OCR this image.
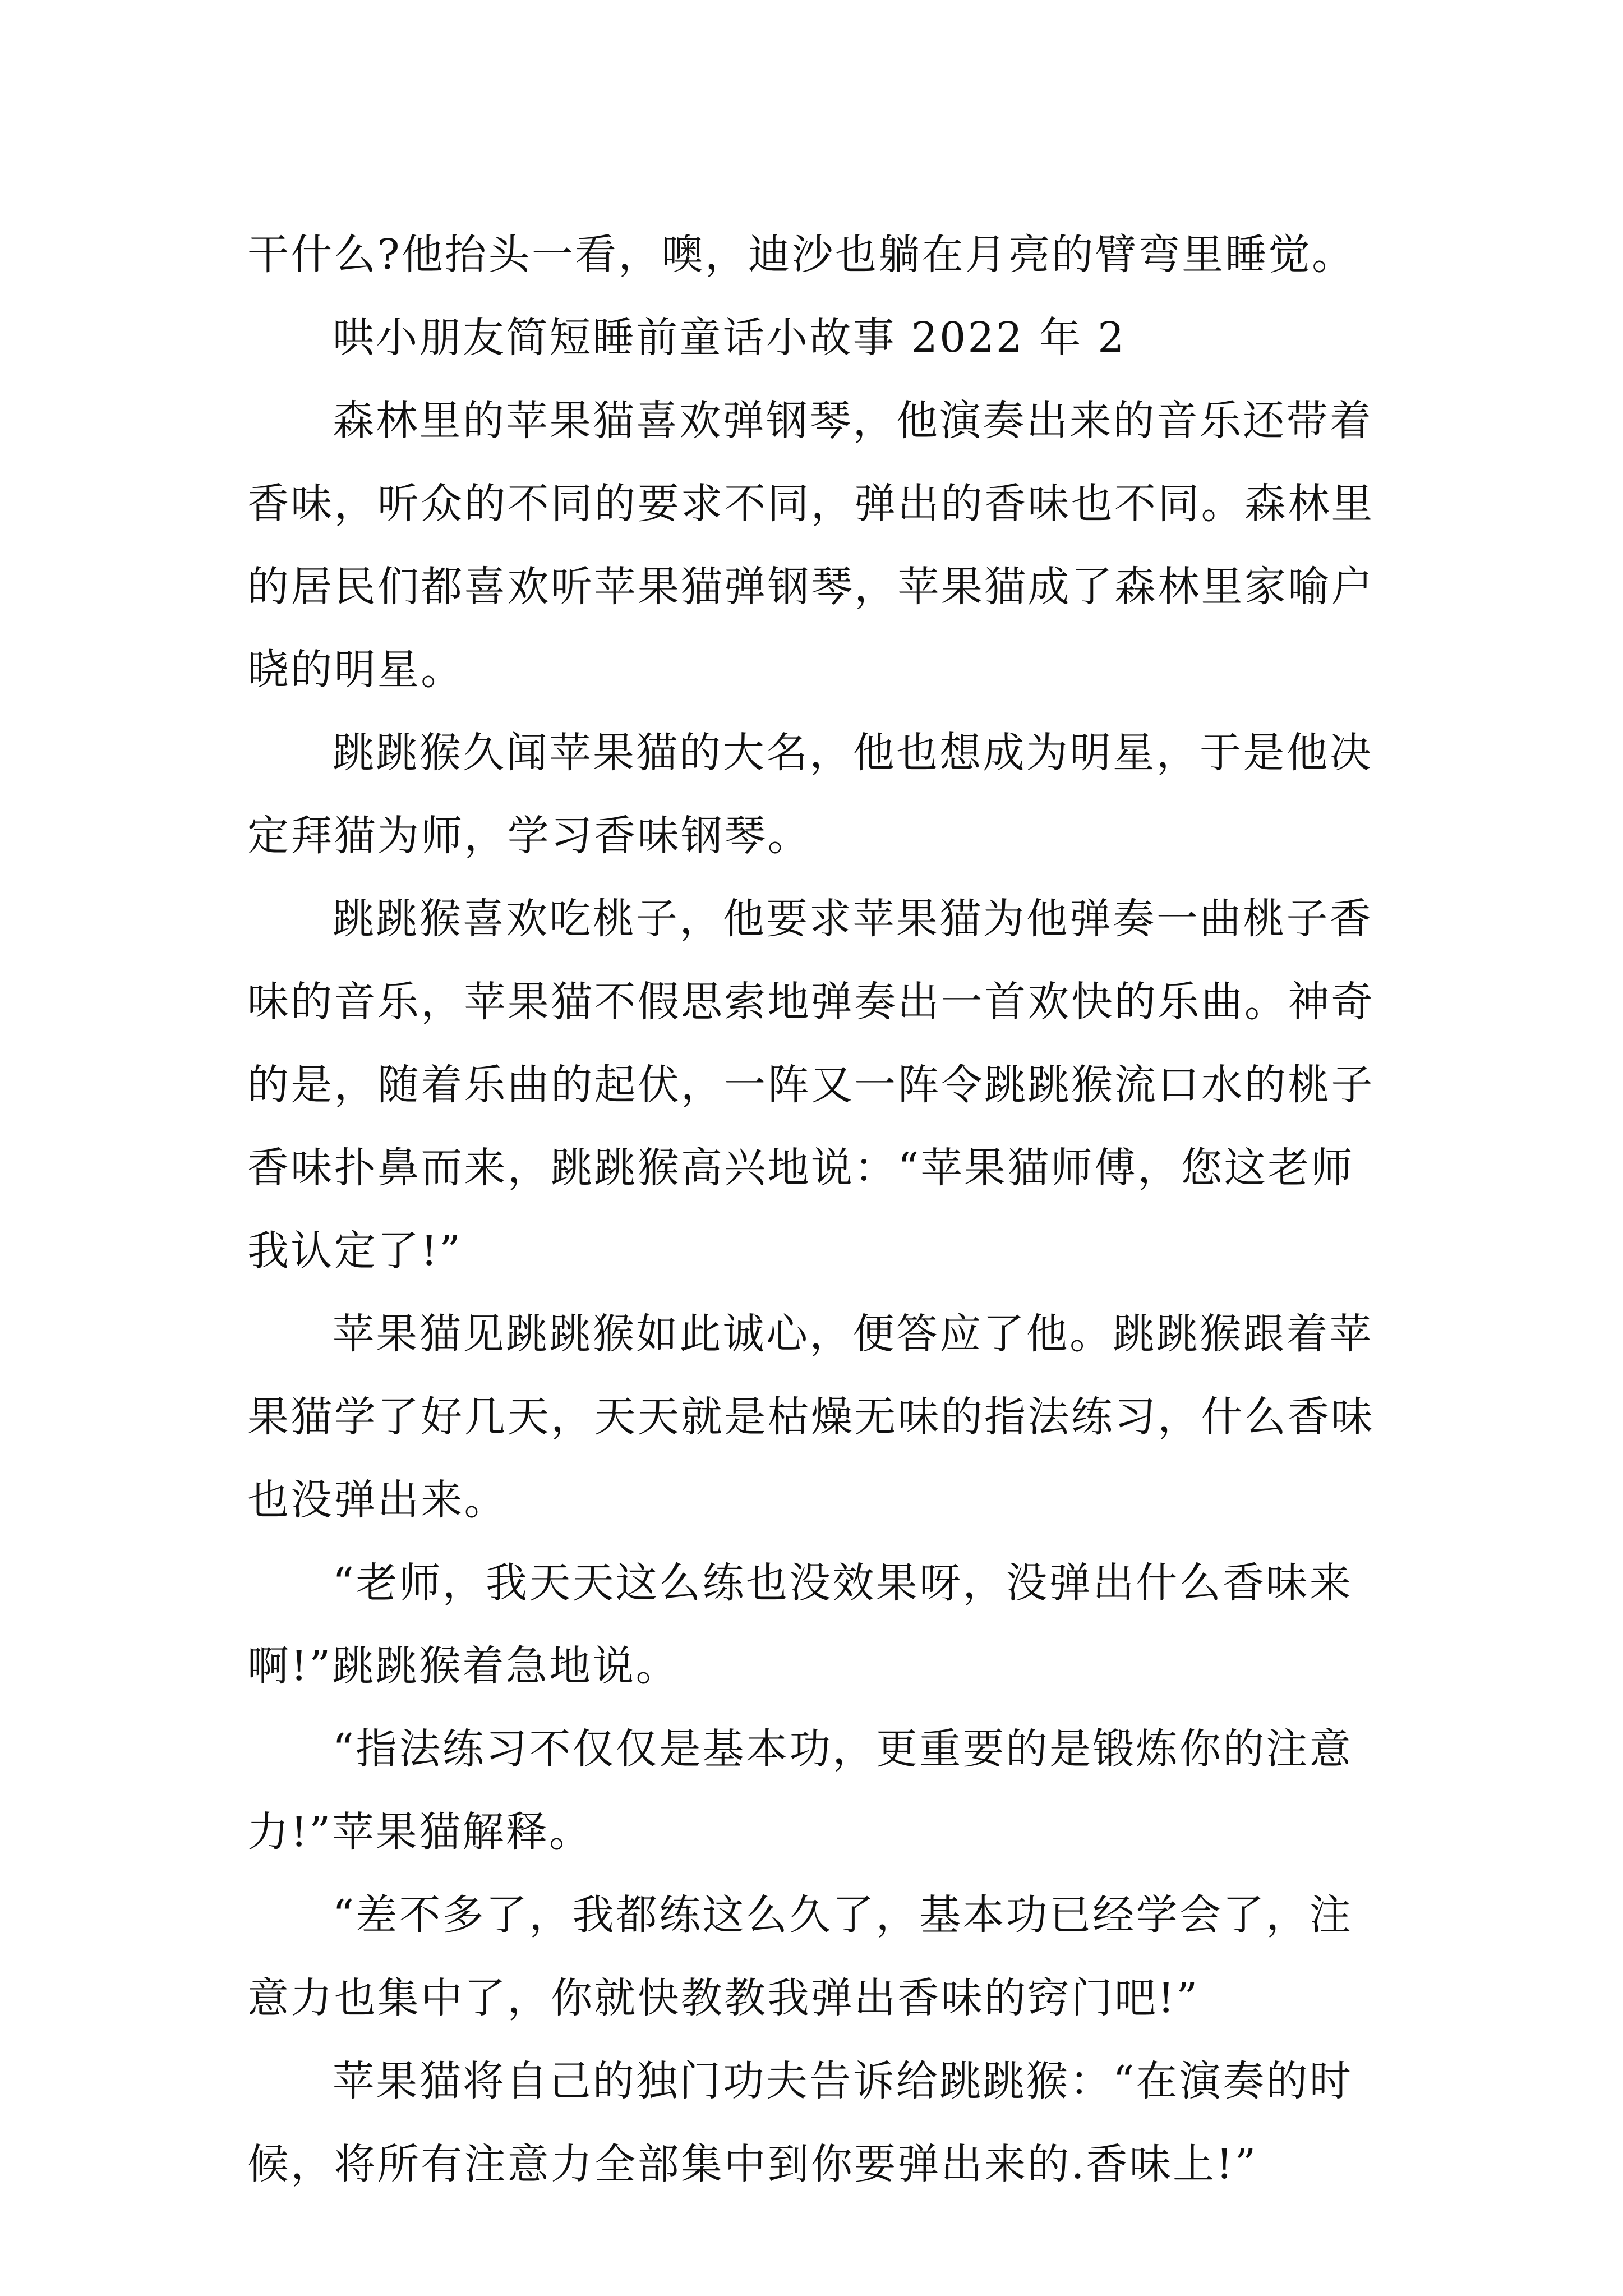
干什么?他抬头一看，噢，迪沙也躺在月亮的臂弯里睡觉。
哄小朋友简短睡前童话小故事 2022 年 2
森林里的苹果猫喜欢弹钢琴，他演奏出来的音乐还带着
香味，听众的不同的要求不同，弹出的香味也不同。森林里
的居民们都喜欢听苹果猫弹钢琴，苹果猫成了森林里家喻户
晓的明星。
跳跳猴久闻苹果猫的大名，他也想成为明星，于是他决
定拜猫为师，学习香味钢琴。
跳跳猴喜欢吃桃子，他要求苹果猫为他弹奏一曲桃子香
味的音乐，苹果猫不假思索地弹奏出一首欢快的乐曲。神奇
的是，随着乐曲的起伏，一阵又一阵令跳跳猴流口水的桃子
香味扑鼻而来，跳跳猴高兴地说：“苹果猫师傅，您这老师
我认定了!”
苹果猫见跳跳猴如此诚心，便答应了他。跳跳猴跟着苹
果猫学了好几天，天天就是枯燥无味的指法练习，什么香味
也没弹出来。
“老师，我天天这么练也没效果呀，没弹出什么香味来
啊!”跳跳猴着急地说。
“指法练习不仅仅是基本功，更重要的是锻炼你的注意
力!”苹果猫解释。
“差不多了，我都练这么久了，基本功已经学会了，注
意力也集中了，你就快教教我弹出香味的窍门吧!”
苹果猫将自己的独门功夫告诉给跳跳猴：“在演奏的时
候，将所有注意力全部集中到你要弹出来的.香味上!”
